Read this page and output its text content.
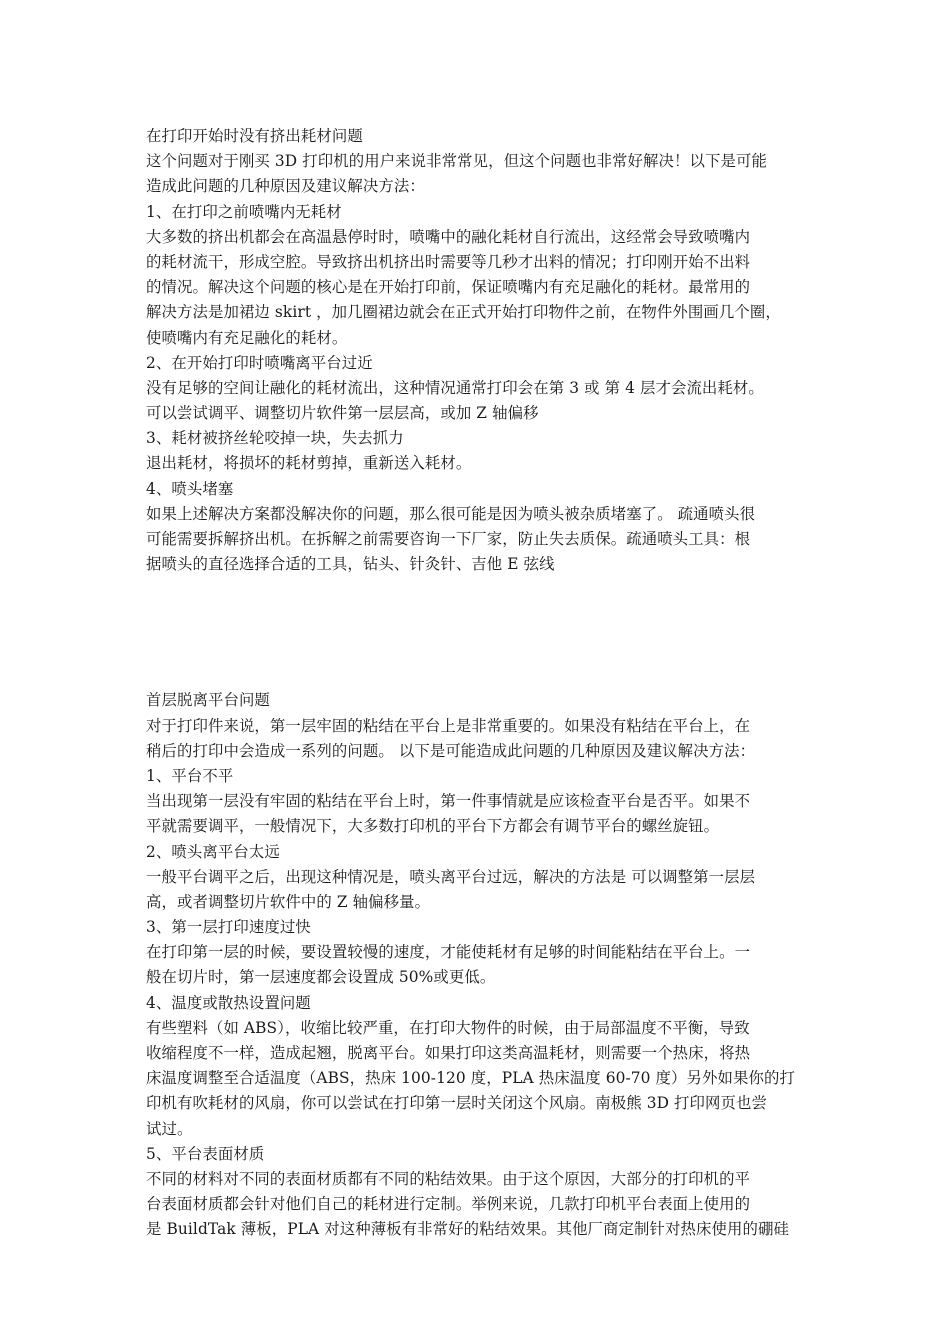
在打印开始时没有挤出耗材问题
这个问题对于刚买 3D 打印机的用户来说非常常见，但这个问题也非常好解决！以下是可能
造成此问题的几种原因及建议解决方法：
1、在打印之前喷嘴内无耗材
大多数的挤出机都会在高温悬停时时，喷嘴中的融化耗材自行流出，这经常会导致喷嘴内
的耗材流干，形成空腔。导致挤出机挤出时需要等几秒才出料的情况；打印刚开始不出料
的情况。解决这个问题的核心是在开始打印前，保证喷嘴内有充足融化的耗材。最常用的
解决方法是加裙边 skirt ，加几圈裙边就会在正式开始打印物件之前，在物件外围画几个圈，
使喷嘴内有充足融化的耗材。
2、在开始打印时喷嘴离平台过近
没有足够的空间让融化的耗材流出，这种情况通常打印会在第 3 或 第 4 层才会流出耗材。
可以尝试调平、调整切片软件第一层层高，或加 Z 轴偏移
3、耗材被挤丝轮咬掉一块，失去抓力
退出耗材，将损坏的耗材剪掉，重新送入耗材。
4、喷头堵塞
如果上述解决方案都没解决你的问题，那么很可能是因为喷头被杂质堵塞了。 疏通喷头很
可能需要拆解挤出机。在拆解之前需要咨询一下厂家，防止失去质保。疏通喷头工具：根
据喷头的直径选择合适的工具，钻头、针灸针、吉他 E 弦线
首层脱离平台问题
对于打印件来说，第一层牢固的粘结在平台上是非常重要的。如果没有粘结在平台上，在
稍后的打印中会造成一系列的问题。 以下是可能造成此问题的几种原因及建议解决方法：
1、平台不平
当出现第一层没有牢固的粘结在平台上时，第一件事情就是应该检查平台是否平。如果不
平就需要调平，一般情况下，大多数打印机的平台下方都会有调节平台的螺丝旋钮。
2、喷头离平台太远
一般平台调平之后，出现这种情况是，喷头离平台过远，解决的方法是 可以调整第一层层
高，或者调整切片软件中的 Z 轴偏移量。
3、第一层打印速度过快
在打印第一层的时候，要设置较慢的速度，才能使耗材有足够的时间能粘结在平台上。一
般在切片时，第一层速度都会设置成 50%或更低。
4、温度或散热设置问题
有些塑料（如 ABS），收缩比较严重，在打印大物件的时候，由于局部温度不平衡，导致
收缩程度不一样，造成起翘，脱离平台。如果打印这类高温耗材，则需要一个热床，将热
床温度调整至合适温度（ABS，热床 100-120 度，PLA 热床温度 60-70 度）另外如果你的打
印机有吹耗材的风扇，你可以尝试在打印第一层时关闭这个风扇。南极熊 3D 打印网页也尝
试过。
5、平台表面材质
不同的材料对不同的表面材质都有不同的粘结效果。由于这个原因，大部分的打印机的平
台表面材质都会针对他们自己的耗材进行定制。举例来说，几款打印机平台表面上使用的
是 BuildTak 薄板，PLA 对这种薄板有非常好的粘结效果。其他厂商定制针对热床使用的硼硅
